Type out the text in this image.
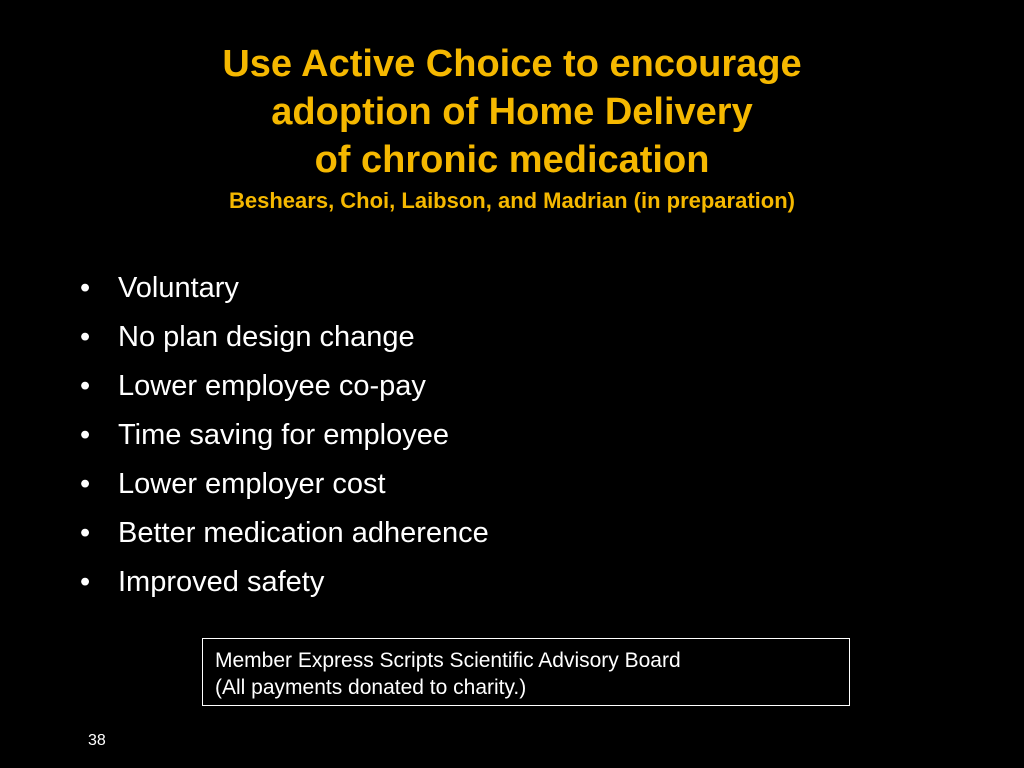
Use Active Choice to encourage
adoption of Home Delivery
of chronic medication
Beshears, Choi, Laibson, and Madrian (in preparation)
• Voluntary
• No plan design change
• Lower employee co-pay
• Time saving for employee
• Lower employer cost
• Better medication adherence
• Improved safety
Member Express Scripts Scientific Advisory Board
(All payments donated to charity.)
38
